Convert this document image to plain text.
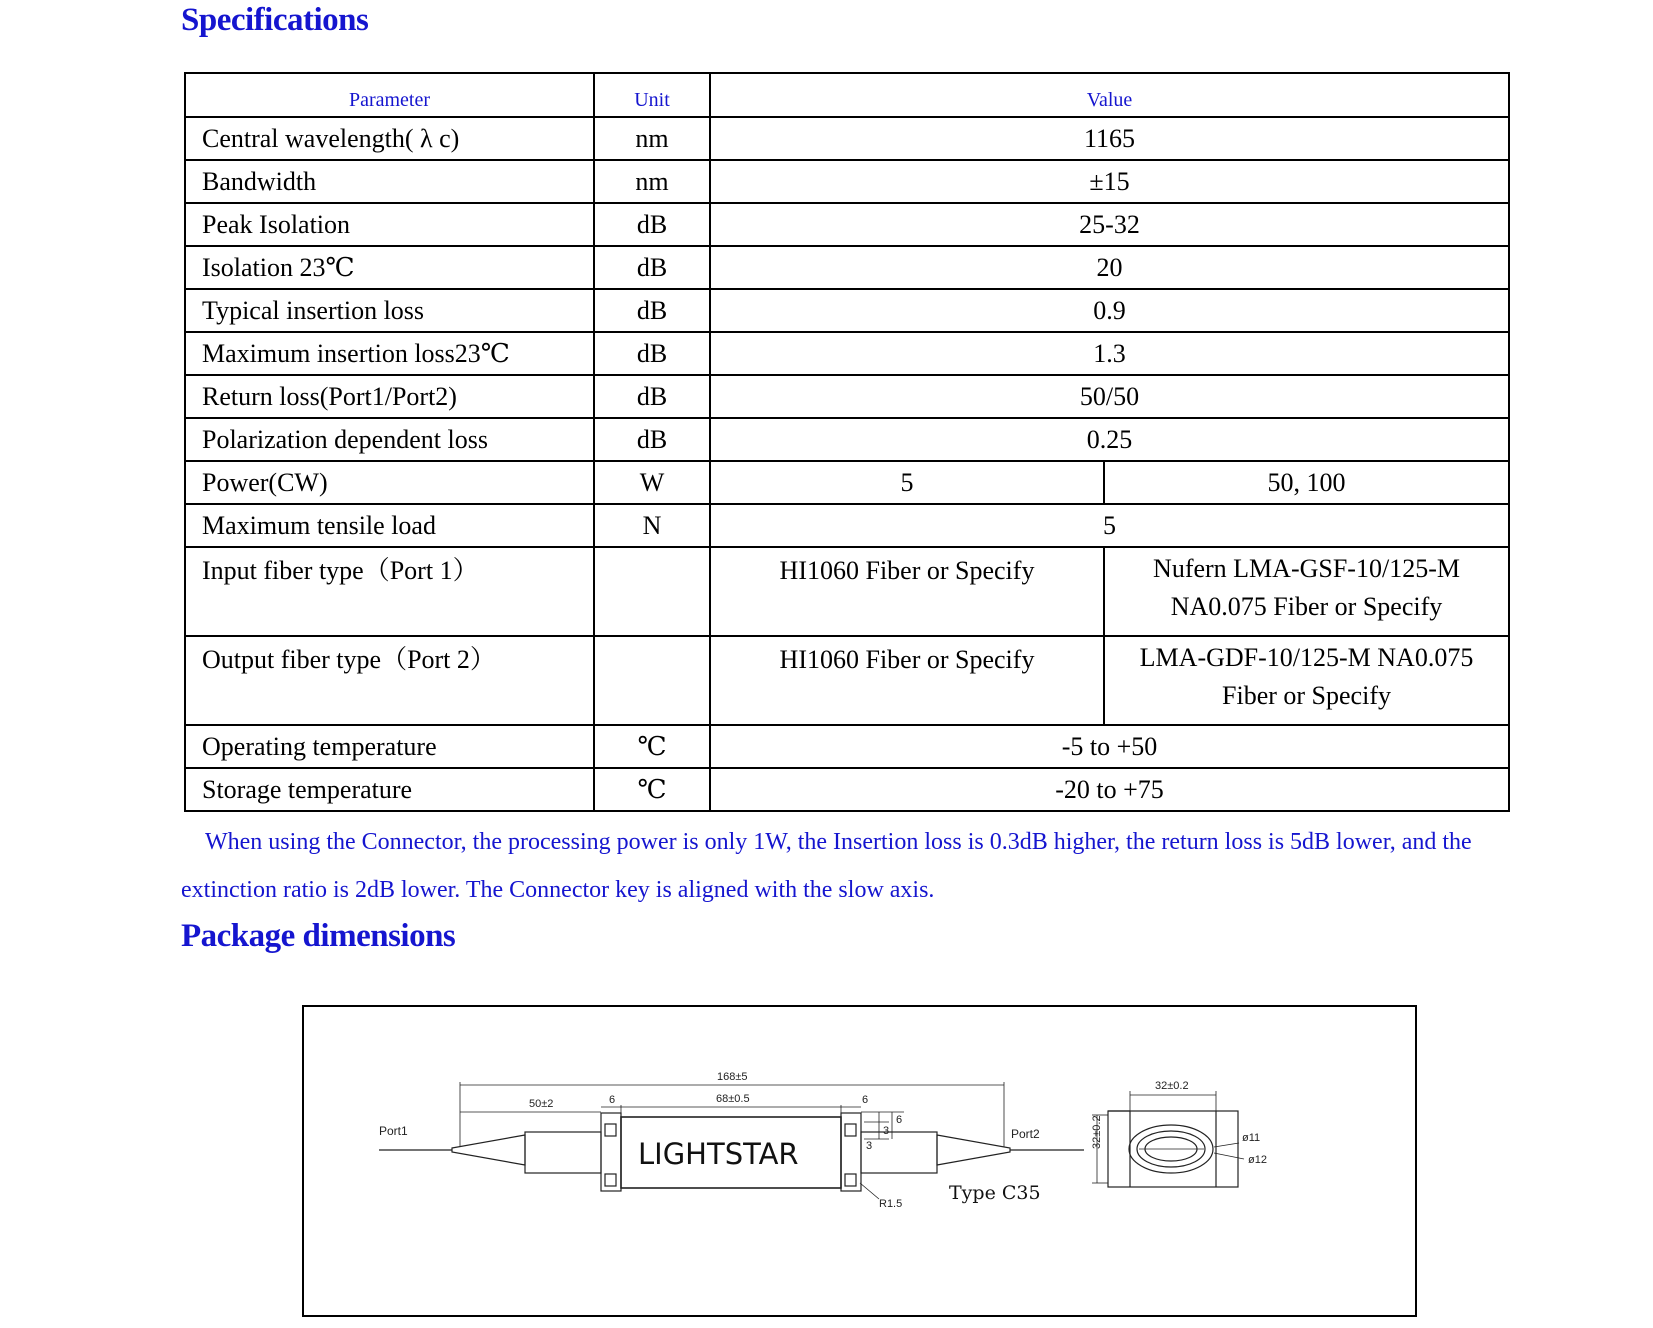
Specifications
Parameter	Unit	Value	
Central wavelength( λ c)	nm	1165	
Bandwidth	nm	±15	
Peak Isolation	dB	25-32	
Isolation 23℃	dB	20	
Typical insertion loss	dB	0.9	
Maximum insertion loss23℃	dB	1.3	
Return loss(Port1/Port2)	dB	50/50	
Polarization dependent loss	dB	0.25	
Power(CW)	W	5	50, 100
Maximum tensile load	N	5	
Input fiber type（Port 1）		HI1060 Fiber or Specify	Nufern LMA-GSF-10/125-M
NA0.075 Fiber or Specify
Output fiber type（Port 2）		HI1060 Fiber or Specify	LMA-GDF-10/125-M NA0.075
Fiber or Specify
Operating temperature	℃	-5 to +50	
Storage temperature	℃	-20 to +75	

When using the Connector, the processing power is only 1W, the Insertion loss is 0.3dB higher, the return loss is 5dB lower, and the extinction ratio is 2dB lower. The Connector key is aligned with the slow axis.

Package dimensions
Port1	Port2
168±5
68±0.5
50±2	6	6
3
6
3
R1.5
32±0.2
32±0.2	ø11
ø12
LIGHTSTAR
Type C35
